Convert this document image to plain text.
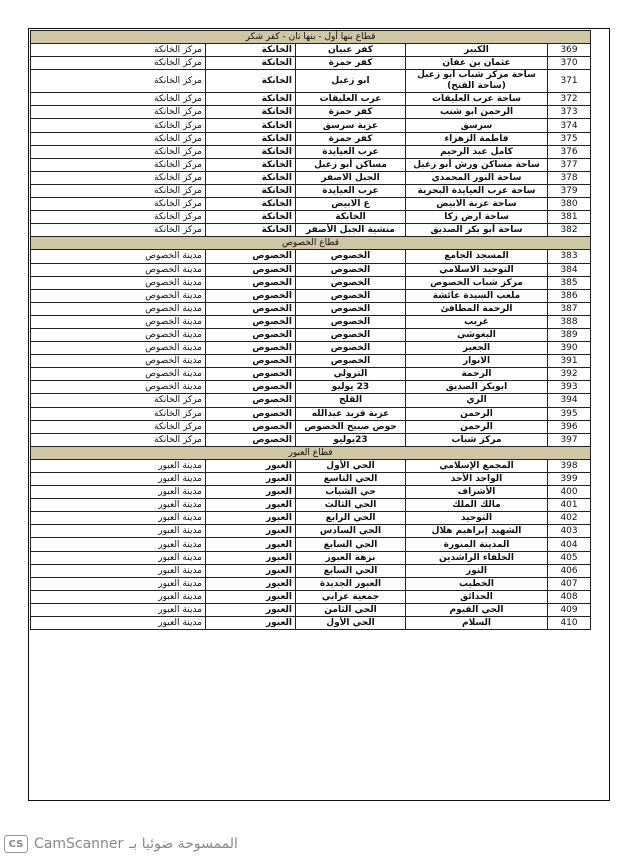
قطاع بنها أول - بنها تان - كفر شكر				
مركز الخانكة	الخانكة	كفر عبيان	الكبير	369
مركز الخانكة	الخانكة	كفر حمزة	عثمان بن عفان	370
مركز الخانكة	الخانكة	ابو زعبل	ساحة مركز شباب أبو زعبل (ساحة الفتح)	371
مركز الخانكة	الخانكة	عرب العليقات	ساحة عرب العليقات	372
مركز الخانكة	الخانكة	كفر حمزة	الرحمن ابو شنب	373
مركز الخانكة	الخانكة	عزبة سرسق	سرسق	374
مركز الخانكة	الخانكة	كفر حمزة	فاطمة الزهراء	375
مركز الخانكة	الخانكة	عرب العيايدة	كامل عبد الرحيم	376
مركز الخانكة	الخانكة	مساكن أبو زعبل	ساحة مساكن ورش أبو زعبل	377
مركز الخانكة	الخانكة	الجبل الاصفر	ساحة النور المحمدي	378
مركز الخانكة	الخانكة	عرب العيايدة	ساحة عرب العيايدة البحرية	379
مركز الخانكة	الخانكة	ع الابيض	ساحة عزبة الابيض	380
مركز الخانكة	الخانكة	الخانكة	ساحة ارض زكا	381
مركز الخانكة	الخانكة	منشية الجبل الأصفر	ساحة أبو بكر الصديق	382
قطاع الخصوص				
مدينة الخصوص	الخصوص	الخصوص	المسجد الجامع	383
مدينة الخصوص	الخصوص	الخصوص	التوحيد الاسلامي	384
مدينة الخصوص	الخصوص	الخصوص	مركز شباب الخصوص	385
مدينة الخصوص	الخصوص	الخصوص	ملعب السيدة عائشة	386
مدينة الخصوص	الخصوص	الخصوص	الرحمة المطافئ	387
مدينة الخصوص	الخصوص	الخصوص	غريب	388
مدينة الخصوص	الخصوص	الخصوص	البغوشي	389
مدينة الخصوص	الخصوص	الخصوص	الجعير	390
مدينة الخصوص	الخصوص	الخصوص	الانوار	391
مدينة الخصوص	الخصوص	الترولي	الرحمة	392
مدينة الخصوص	الخصوص	23 يوليو	ابوبكر الصديق	393
مركز الخانكة	الخصوص	القلج	الري	394
مركز الخانكة	الخصوص	عزبة فريد عبدالله	الرحمن	395
مركز الخانكة	الخصوص	حوض صبيح الخصوص	الرحمن	396
مركز الخانكة	الخصوص	23يوليو	مركز شباب	397
قطاع العبور				
مدينة العبور	العبور	الحي الأول	المجمع الإسلامي	398
مدينة العبور	العبور	الحي التاسع	الواحد الأحد	399
مدينة العبور	العبور	حي الشباب	الأشراف	400
مدينة العبور	العبور	الحي الثالث	مالك الملك	401
مدينة العبور	العبور	الحي الرابع	التوحيد	402
مدينة العبور	العبور	الحي السادس	الشهيد إبراهيم هلال	403
مدينة العبور	العبور	الحي السابع	المدينة المنورة	404
مدينة العبور	العبور	نزهة العبور	الخلفاء الراشدين	405
مدينة العبور	العبور	الحي السابع	النور	406
مدينة العبور	العبور	العبور الجديدة	الخطيب	407
مدينة العبور	العبور	جمعية عرابي	الحدائق	408
مدينة العبور	العبور	الحي الثامن	الحي القيوم	409
مدينة العبور	العبور	الحي الأول	السلام	410
CS CamScanner الممسوحة ضوئيا بـ
